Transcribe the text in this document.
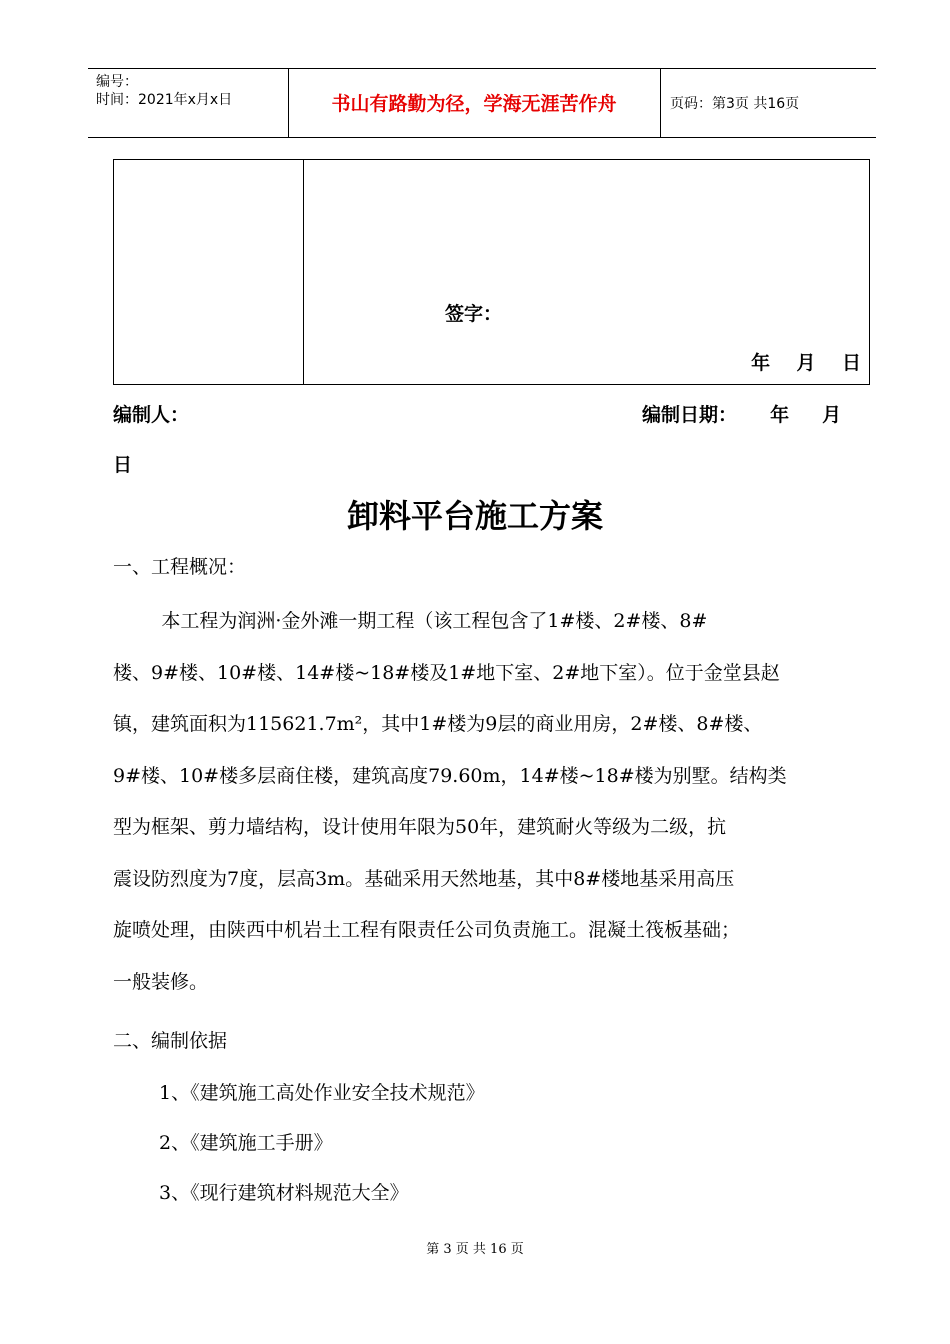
编号：
时间：2021年x月x日	书山有路勤为径，学海无涯苦作舟	页码：第3页 共16页
签字：
年    月    日
编制人：	编制日期：     年     月
日
卸料平台施工方案
一、工程概况：
本工程为润洲·金外滩一期工程（该工程包含了1#楼、2#楼、8#
楼、9#楼、10#楼、14#楼~18#楼及1#地下室、2#地下室）。位于金堂县赵
镇，建筑面积为115621.7m²，其中1#楼为9层的商业用房，2#楼、8#楼、
9#楼、10#楼多层商住楼，建筑高度79.60m，14#楼~18#楼为别墅。结构类
型为框架、剪力墙结构，设计使用年限为50年，建筑耐火等级为二级，抗
震设防烈度为7度，层高3m。基础采用天然地基，其中8#楼地基采用高压
旋喷处理，由陕西中机岩土工程有限责任公司负责施工。混凝土筏板基础；
一般装修。
二、编制依据
1、《建筑施工高处作业安全技术规范》
2、《建筑施工手册》
3、《现行建筑材料规范大全》
第 3 页 共 16 页
